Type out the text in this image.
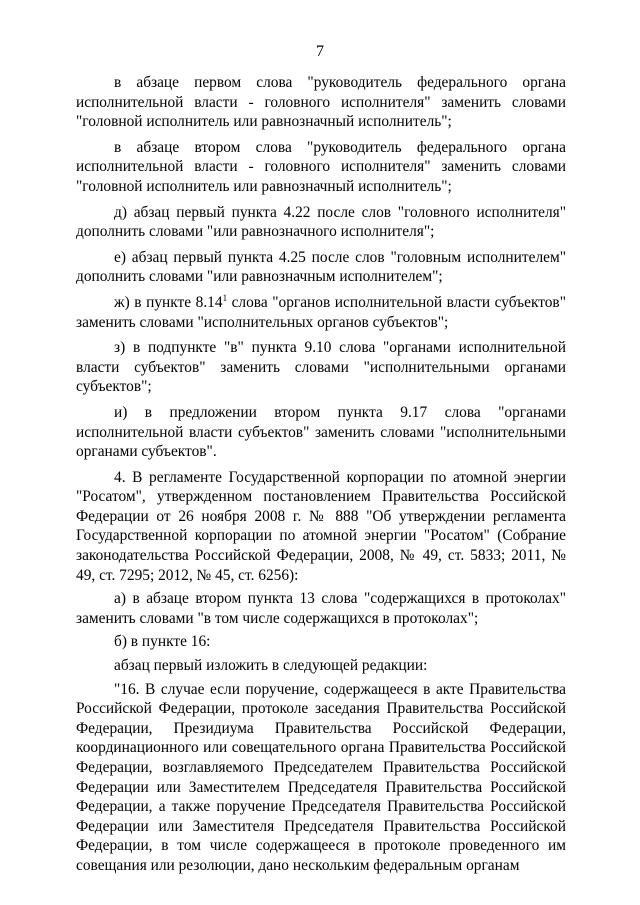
7

в абзаце первом слова "руководитель федерального органа исполнительной власти - головного исполнителя" заменить словами "головной исполнитель или равнозначный исполнитель";

в абзаце втором слова "руководитель федерального органа исполнительной власти - головного исполнителя" заменить словами "головной исполнитель или равнозначный исполнитель";

д) абзац первый пункта 4.22 после слов "головного исполнителя" дополнить словами "или равнозначного исполнителя";

е) абзац первый пункта 4.25 после слов "головным исполнителем" дополнить словами "или равнозначным исполнителем";

ж) в пункте 8.14$^1$ слова "органов исполнительной власти субъектов" заменить словами "исполнительных органов субъектов";

з) в подпункте "в" пункта 9.10 слова "органами исполнительной власти субъектов" заменить словами "исполнительными органами субъектов";

и) в предложении втором пункта 9.17 слова "органами исполнительной власти субъектов" заменить словами "исполнительными органами субъектов".

4. В регламенте Государственной корпорации по атомной энергии "Росатом", утвержденном постановлением Правительства Российской Федерации от 26 ноября 2008 г. № 888 "Об утверждении регламента Государственной корпорации по атомной энергии "Росатом" (Собрание законодательства Российской Федерации, 2008, № 49, ст. 5833; 2011, № 49, ст. 7295; 2012, № 45, ст. 6256):

а) в абзаце втором пункта 13 слова "содержащихся в протоколах" заменить словами "в том числе содержащихся в протоколах";

б) в пункте 16:

абзац первый изложить в следующей редакции:

"16. В случае если поручение, содержащееся в акте Правительства Российской Федерации, протоколе заседания Правительства Российской Федерации, Президиума Правительства Российской Федерации, координационного или совещательного органа Правительства Российской Федерации, возглавляемого Председателем Правительства Российской Федерации или Заместителем Председателя Правительства Российской Федерации, а также поручение Председателя Правительства Российской Федерации или Заместителя Председателя Правительства Российской Федерации, в том числе содержащееся в протоколе проведенного им совещания или резолюции, дано нескольким федеральным органам
